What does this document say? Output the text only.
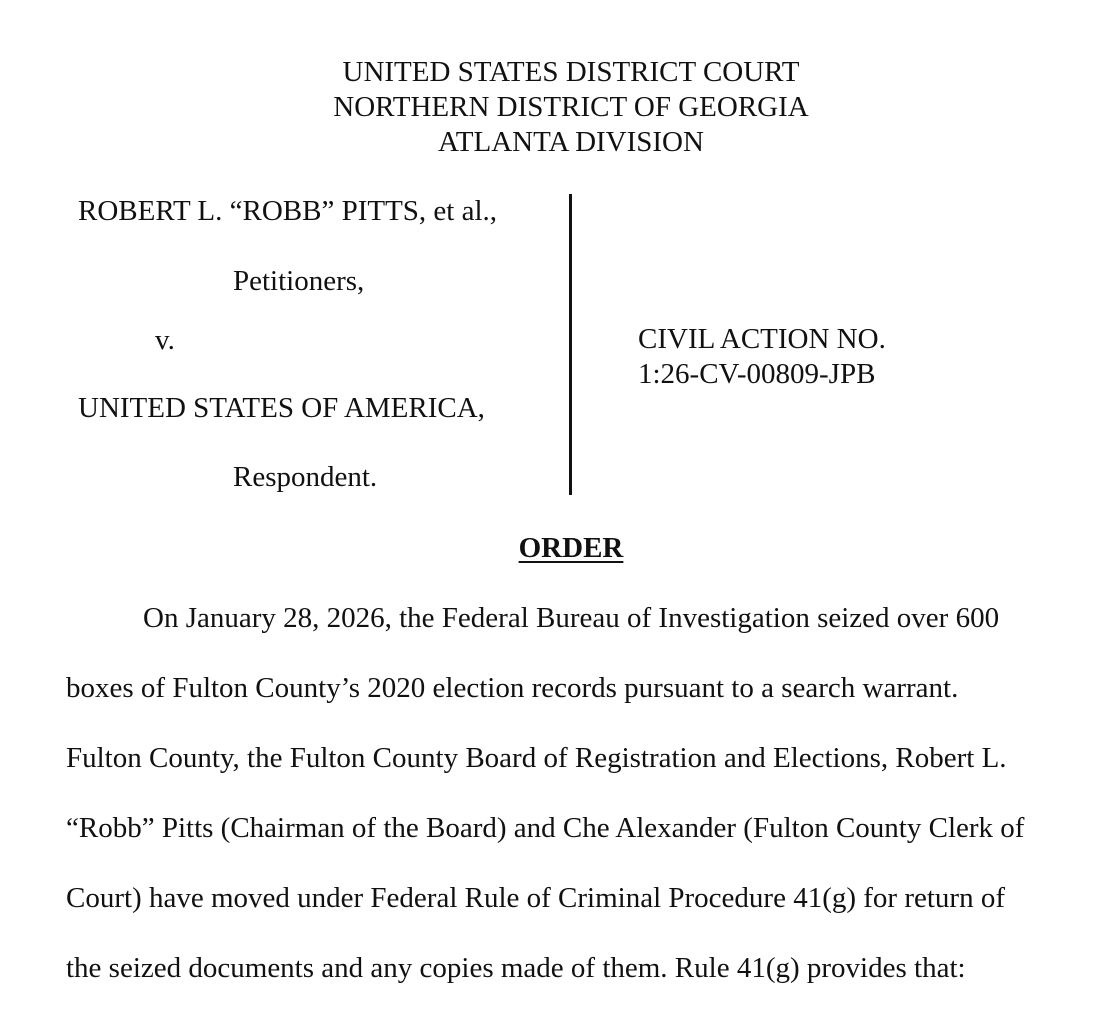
UNITED STATES DISTRICT COURT
NORTHERN DISTRICT OF GEORGIA
ATLANTA DIVISION
ROBERT L. “ROBB” PITTS, et al.,
Petitioners,
v.
UNITED STATES OF AMERICA,
Respondent.
CIVIL ACTION NO.
1:26-CV-00809-JPB
ORDER
On January 28, 2026, the Federal Bureau of Investigation seized over 600
boxes of Fulton County’s 2020 election records pursuant to a search warrant.
Fulton County, the Fulton County Board of Registration and Elections, Robert L.
“Robb” Pitts (Chairman of the Board) and Che Alexander (Fulton County Clerk of
Court) have moved under Federal Rule of Criminal Procedure 41(g) for return of
the seized documents and any copies made of them. Rule 41(g) provides that:
